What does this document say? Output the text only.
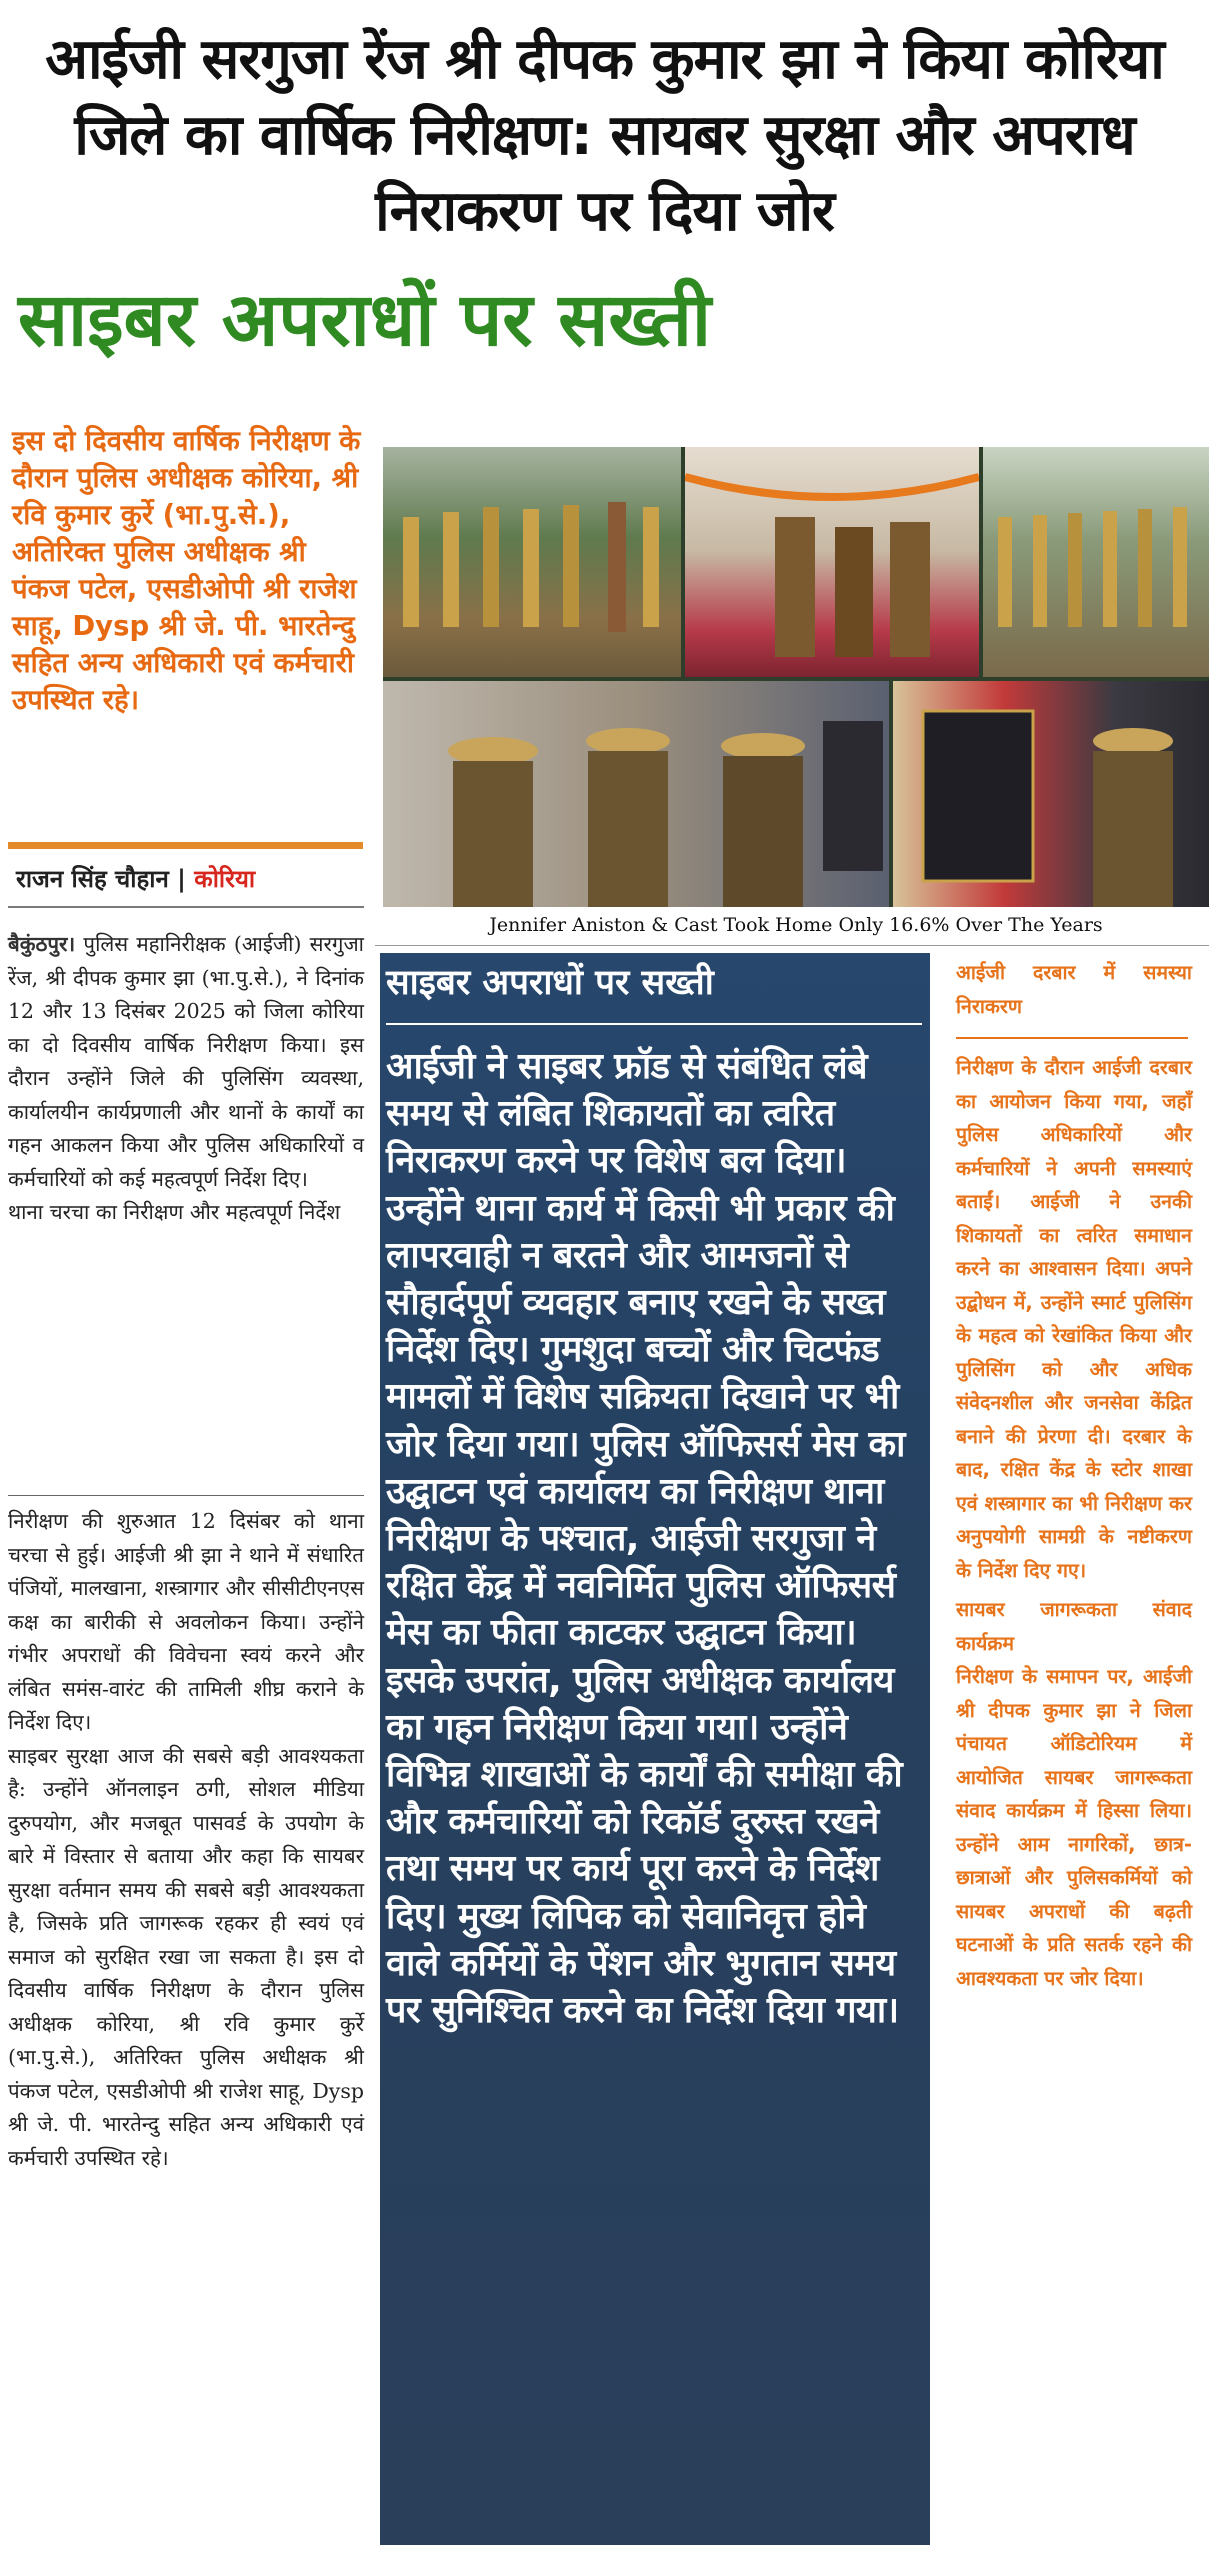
आईजी सरगुजा रेंज श्री दीपक कुमार झा ने किया कोरिया जिले का वार्षिक निरीक्षण: सायबर सुरक्षा और अपराध निराकरण पर दिया जोर
साइबर अपराधों पर सख्ती
इस दो दिवसीय वार्षिक निरीक्षण के दौरान पुलिस अधीक्षक कोरिया, श्री रवि कुमार कुर्रे (भा.पु.से.), अतिरिक्त पुलिस अधीक्षक श्री पंकज पटेल, एसडीओपी श्री राजेश साहू, Dysp श्री जे. पी. भारतेन्दु सहित अन्य अधिकारी एवं कर्मचारी उपस्थित रहे।
राजन सिंह चौहान | कोरिया
Jennifer Aniston & Cast Took Home Only 16.6% Over The Years

बैकुंठपुर। पुलिस महानिरीक्षक (आईजी) सरगुजा रेंज, श्री दीपक कुमार झा (भा.पु.से.), ने दिनांक 12 और 13 दिसंबर 2025 को जिला कोरिया का दो दिवसीय वार्षिक निरीक्षण किया। इस दौरान उन्होंने जिले की पुलिसिंग व्यवस्था, कार्यालयीन कार्यप्रणाली और थानों के कार्यों का गहन आकलन किया और पुलिस अधिकारियों व कर्मचारियों को कई महत्वपूर्ण निर्देश दिए।

थाना चरचा का निरीक्षण और महत्वपूर्ण निर्देश

निरीक्षण की शुरुआत 12 दिसंबर को थाना चरचा से हुई। आईजी श्री झा ने थाने में संधारित पंजियों, मालखाना, शस्त्रागार और सीसीटीएनएस कक्ष का बारीकी से अवलोकन किया। उन्होंने गंभीर अपराधों की विवेचना स्वयं करने और लंबित समंस-वारंट की तामिली शीघ्र कराने के निर्देश दिए।

साइबर सुरक्षा आज की सबसे बड़ी आवश्यकता है: उन्होंने ऑनलाइन ठगी, सोशल मीडिया दुरुपयोग, और मजबूत पासवर्ड के उपयोग के बारे में विस्तार से बताया और कहा कि सायबर सुरक्षा वर्तमान समय की सबसे बड़ी आवश्यकता है, जिसके प्रति जागरूक रहकर ही स्वयं एवं समाज को सुरक्षित रखा जा सकता है। इस दो दिवसीय वार्षिक निरीक्षण के दौरान पुलिस अधीक्षक कोरिया, श्री रवि कुमार कुर्रे (भा.पु.से.), अतिरिक्त पुलिस अधीक्षक श्री पंकज पटेल, एसडीओपी श्री राजेश साहू, Dysp श्री जे. पी. भारतेन्दु सहित अन्य अधिकारी एवं कर्मचारी उपस्थित रहे।

साइबर अपराधों पर सख्ती
आईजी ने साइबर फ्रॉड से संबंधित लंबे समय से लंबित शिकायतों का त्वरित निराकरण करने पर विशेष बल दिया। उन्होंने थाना कार्य में किसी भी प्रकार की लापरवाही न बरतने और आमजनों से सौहार्दपूर्ण व्यवहार बनाए रखने के सख्त निर्देश दिए। गुमशुदा बच्चों और चिटफंड मामलों में विशेष सक्रियता दिखाने पर भी जोर दिया गया। पुलिस ऑफिसर्स मेस का उद्घाटन एवं कार्यालय का निरीक्षण थाना निरीक्षण के पश्चात, आईजी सरगुजा ने रक्षित केंद्र में नवनिर्मित पुलिस ऑफिसर्स मेस का फीता काटकर उद्घाटन किया। इसके उपरांत, पुलिस अधीक्षक कार्यालय का गहन निरीक्षण किया गया। उन्होंने विभिन्न शाखाओं के कार्यों की समीक्षा की और कर्मचारियों को रिकॉर्ड दुरुस्त रखने तथा समय पर कार्य पूरा करने के निर्देश दिए। मुख्य लिपिक को सेवानिवृत्त होने वाले कर्मियों के पेंशन और भुगतान समय पर सुनिश्चित करने का निर्देश दिया गया।

आईजी दरबार में समस्या निराकरण

निरीक्षण के दौरान आईजी दरबार का आयोजन किया गया, जहाँ पुलिस अधिकारियों और कर्मचारियों ने अपनी समस्याएं बताईं। आईजी ने उनकी शिकायतों का त्वरित समाधान करने का आश्वासन दिया। अपने उद्बोधन में, उन्होंने स्मार्ट पुलिसिंग के महत्व को रेखांकित किया और पुलिसिंग को और अधिक संवेदनशील और जनसेवा केंद्रित बनाने की प्रेरणा दी। दरबार के बाद, रक्षित केंद्र के स्टोर शाखा एवं शस्त्रागार का भी निरीक्षण कर अनुपयोगी सामग्री के नष्टीकरण के निर्देश दिए गए।

सायबर जागरूकता संवाद कार्यक्रम

निरीक्षण के समापन पर, आईजी श्री दीपक कुमार झा ने जिला पंचायत ऑडिटोरियम में आयोजित सायबर जागरूकता संवाद कार्यक्रम में हिस्सा लिया। उन्होंने आम नागरिकों, छात्र-छात्राओं और पुलिसकर्मियों को सायबर अपराधों की बढ़ती घटनाओं के प्रति सतर्क रहने की आवश्यकता पर जोर दिया।
